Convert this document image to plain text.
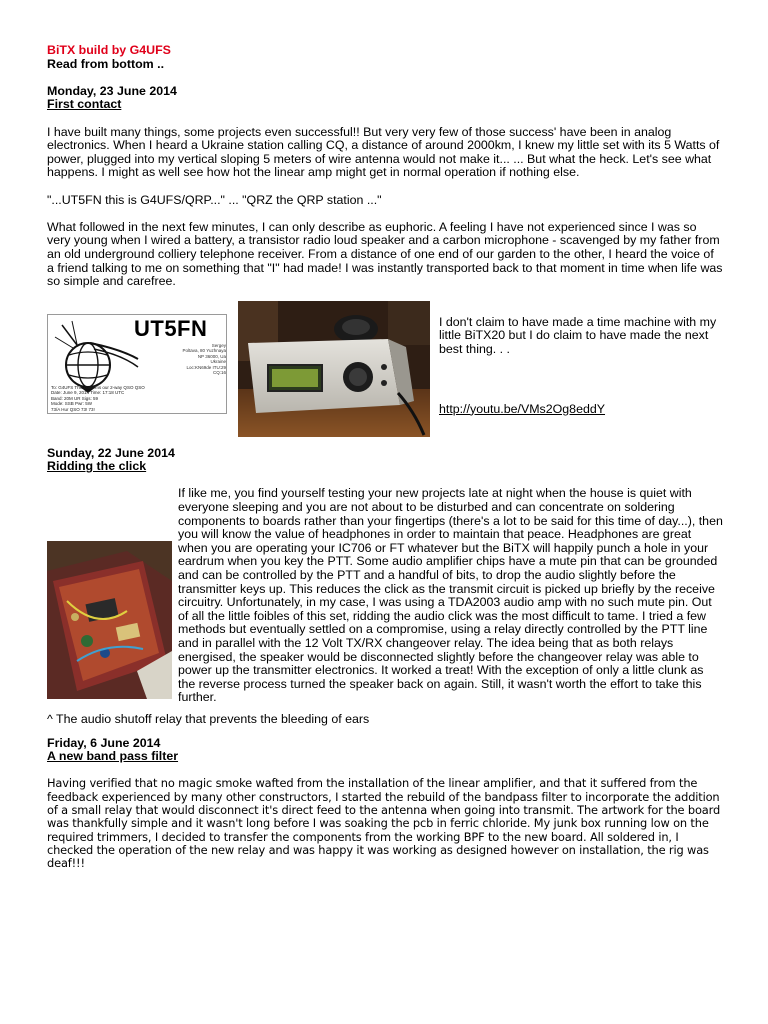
BiTX build by G4UFS

Read from bottom ..

Monday, 23 June 2014

First contact

I have built many things, some projects even successful!! But very very few of those success' have been in analog electronics. When I heard a Ukraine station calling CQ, a distance of around 2000km, I knew my little set with its 5 Watts of power, plugged into my vertical sloping 5 meters of wire antenna would not make it... ... But what the heck. Let's see what happens. I might as well see how hot the linear amp might get in normal operation if nothing else.

"...UT5FN this is G4UFS/QRP..." ... "QRZ the QRP station ..."

What followed in the next few minutes, I can only describe as euphoric. A feeling I have not experienced since I was so very young when I wired a battery, a transistor radio loud speaker and a carbon microphone - scavenged by my father from an old underground colliery telephone receiver. From a distance of one end of our garden to the other, I heard the voice of a friend talking to me on something that "I" had made! I was instantly transported back to that moment in time when life was so simple and carefree.

UT5FN
Sergey
Poltava, 80 Yuzhnaya
NP 36000, Ua
Ukraine
Loc:KN69de ITU:29 CQ:16
To: G4UFS This confirms our 2-way QSO QSO
Date: June 9, 2014 Time: 17:18 UTC
Band: 20M UR Sigs: 59
Mode: SSB Pwr: 5W
73/A Hur QSO 73! 73!

I don't claim to have made a time machine with my little BiTX20 but I do claim to have made the next best thing. . .

http://youtu.be/VMs2Og8eddY

Sunday, 22 June 2014

Ridding the click

If like me, you find yourself testing your new projects late at night when the house is quiet with everyone sleeping and you are not about to be disturbed and can concentrate on soldering components to boards rather than your fingertips (there's a lot to be said for this time of day...), then you will know the value of headphones in order to maintain that peace. Headphones are great when you are operating your IC706 or FT whatever but the BiTX will happily punch a hole in your eardrum when you key the PTT. Some audio amplifier chips have a mute pin that can be grounded and can be controlled by the PTT and a handful of bits, to drop the audio slightly before the transmitter keys up. This reduces the click as the transmit circuit is picked up briefly by the receive circuitry. Unfortunately, in my case, I was using a TDA2003 audio amp with no such mute pin. Out of all the little foibles of this set, ridding the audio click was the most difficult to tame. I tried a few methods but eventually settled on a compromise, using a relay directly controlled by the PTT line and in parallel with the 12 Volt TX/RX changeover relay. The idea being that as both relays energised, the speaker would be disconnected slightly before the changeover relay was able to power up the transmitter electronics. It worked a treat! With the exception of only a little clunk as the reverse process turned the speaker back on again. Still, it wasn't worth the effort to take this further.

^ The audio shutoff relay that prevents the bleeding of ears

Friday, 6 June 2014

A new band pass filter

Having verified that no magic smoke wafted from the installation of the linear amplifier, and that it suffered from the feedback experienced by many other constructors, I started the rebuild of the bandpass filter to incorporate the addition of a small relay that would disconnect it's direct feed to the antenna when going into transmit. The artwork for the board was thankfully simple and it wasn't long before I was soaking the pcb in ferric chloride. My junk box running low on the required trimmers, I decided to transfer the components from the working BPF to the new board. All soldered in, I checked the operation of the new relay and was happy it was working as designed however on installation, the rig was deaf!!!
